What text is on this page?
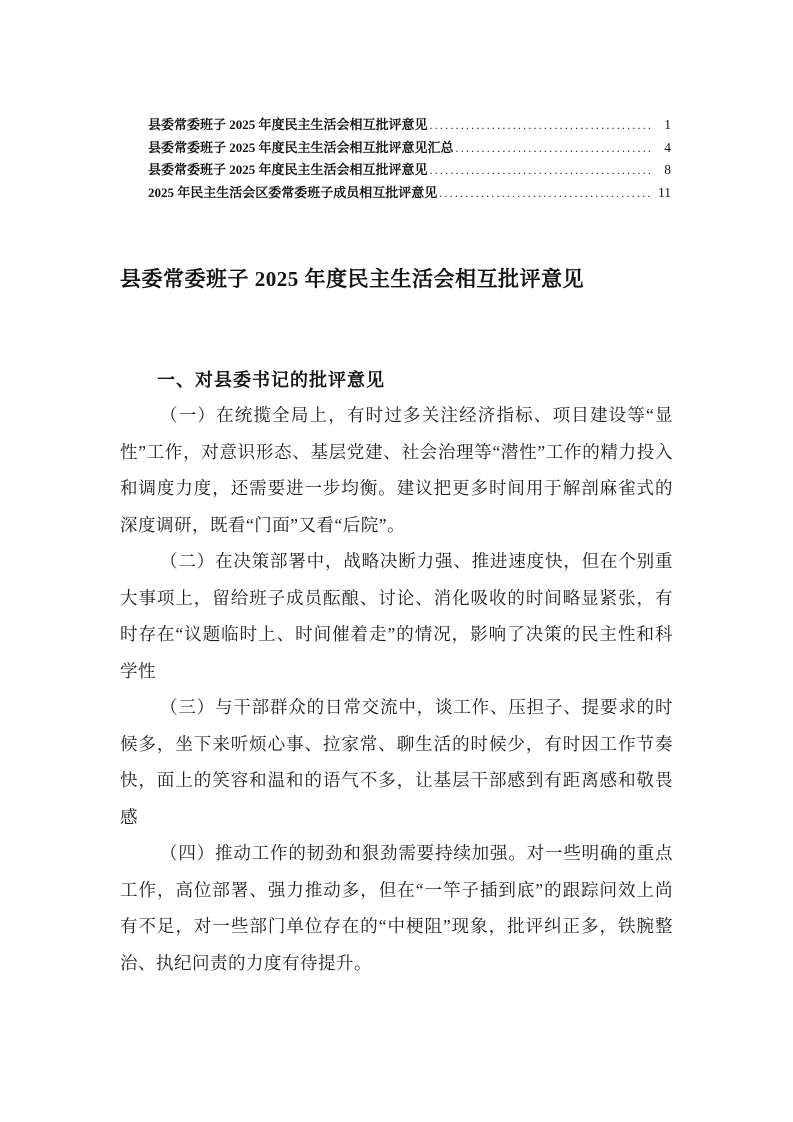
县委常委班子 2025 年度民主生活会相互批评意见 .....	1
县委常委班子 2025 年度民主生活会相互批评意见汇总 .....	4
县委常委班子 2025 年度民主生活会相互批评意见 .....	8
2025 年民主生活会区委常委班子成员相互批评意见 .....	11
县委常委班子 2025 年度民主生活会相互批评意见
一、对县委书记的批评意见

（一）在统揽全局上，有时过多关注经济指标、项目建设等“显性”工作，对意识形态、基层党建、社会治理等“潜性”工作的精力投入和调度力度，还需要进一步均衡。建议把更多时间用于解剖麻雀式的深度调研，既看“门面”又看“后院”。

（二）在决策部署中，战略决断力强、推进速度快，但在个别重大事项上，留给班子成员酝酿、讨论、消化吸收的时间略显紧张，有时存在“议题临时上、时间催着走”的情况，影响了决策的民主性和科学性

（三）与干部群众的日常交流中，谈工作、压担子、提要求的时候多，坐下来听烦心事、拉家常、聊生活的时候少，有时因工作节奏快，面上的笑容和温和的语气不多，让基层干部感到有距离感和敬畏感

（四）推动工作的韧劲和狠劲需要持续加强。对一些明确的重点工作，高位部署、强力推动多，但在“一竿子插到底”的跟踪问效上尚有不足，对一些部门单位存在的“中梗阻”现象，批评纠正多，铁腕整治、执纪问责的力度有待提升。
